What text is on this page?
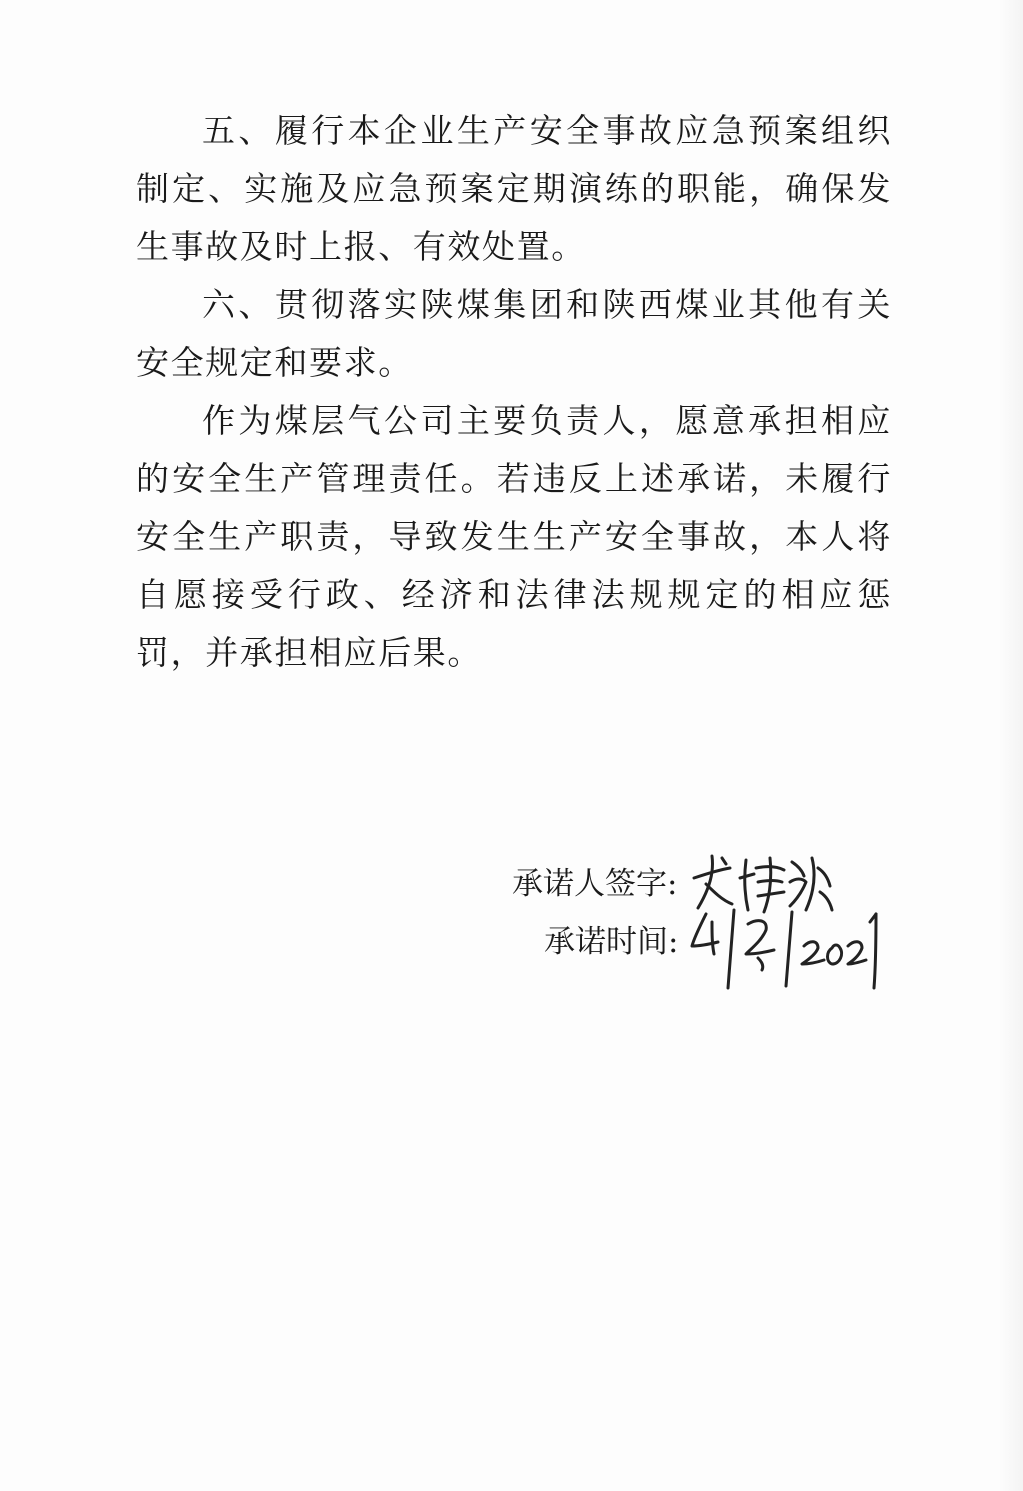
五、履行本企业生产安全事故应急预案组织制定、实施及应急预案定期演练的职能，确保发生事故及时上报、有效处置。

六、贯彻落实陕煤集团和陕西煤业其他有关安全规定和要求。

作为煤层气公司主要负责人，愿意承担相应的安全生产管理责任。若违反上述承诺，未履行安全生产职责，导致发生生产安全事故，本人将自愿接受行政、经济和法律法规规定的相应惩罚，并承担相应后果。

承诺人签字:
承诺时间:
